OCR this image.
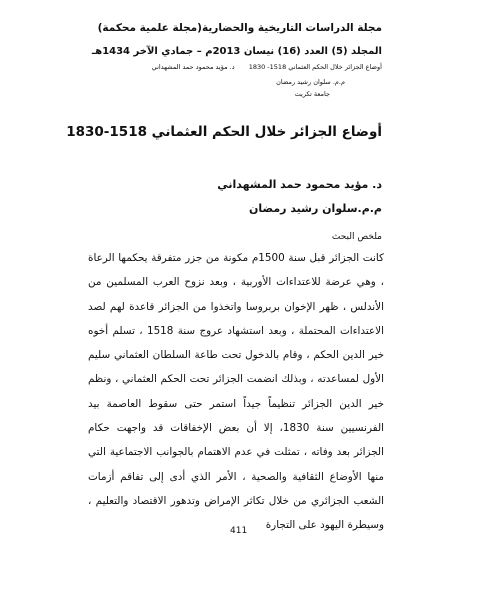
مجلة الدراسات التاريخية والحضارية(مجلة علمية محكمة)
المجلد (5) العدد (16) نيسان 2013م – جمادي الآخر 1434هـ
أوضاع الجزائر خلال الحكم العثماني 1518- 1830 د. مؤيد محمود حمد المشهداني
م.م. سلوان رشيد رمضان
جامعة تكريت
أوضاع الجزائر خلال الحكم العثماني 1518-1830
د. مؤيد محمود حمد المشهداني
م.م.سلوان رشيد رمضان
ملخص البحث
كانت الجزائر قبل سنة 1500م مكونة من جزر متفرقة يحكمها الرعاة ، وهي عرضة للاعتداءات الأوربية ، وبعد نزوح العرب المسلمين من الأندلس ، ظهر الإخوان بربروسا واتخذوا من الجزائر قاعدة لهم لصد الاعتداءات المحتملة ، وبعد استشهاد عروج سنة 1518 ، تسلم أخوه خير الدين الحكم ، وقام بالدخول تحت طاعة السلطان العثماني سليم الأول لمساعدته ، وبذلك انضمت الجزائر تحت الحكم العثماني ، ونظم خير الدين الجزائر تنظيماً جيداً استمر حتى سقوط العاصمة بيد الفرنسيين سنة 1830، إلا أن بعض الإخفاقات قد واجهت حكام الجزائر بعد وفاته ، تمثلت في عدم الاهتمام بالجوانب الاجتماعية التي منها الأوضاع الثقافية والصحية ، الأمر الذي أدى إلى تفاقم أزمات الشعب الجزائري من خلال تكاثر الإمراض وتدهور الاقتصاد والتعليم ، وسيطرة اليهود على التجارة
411
